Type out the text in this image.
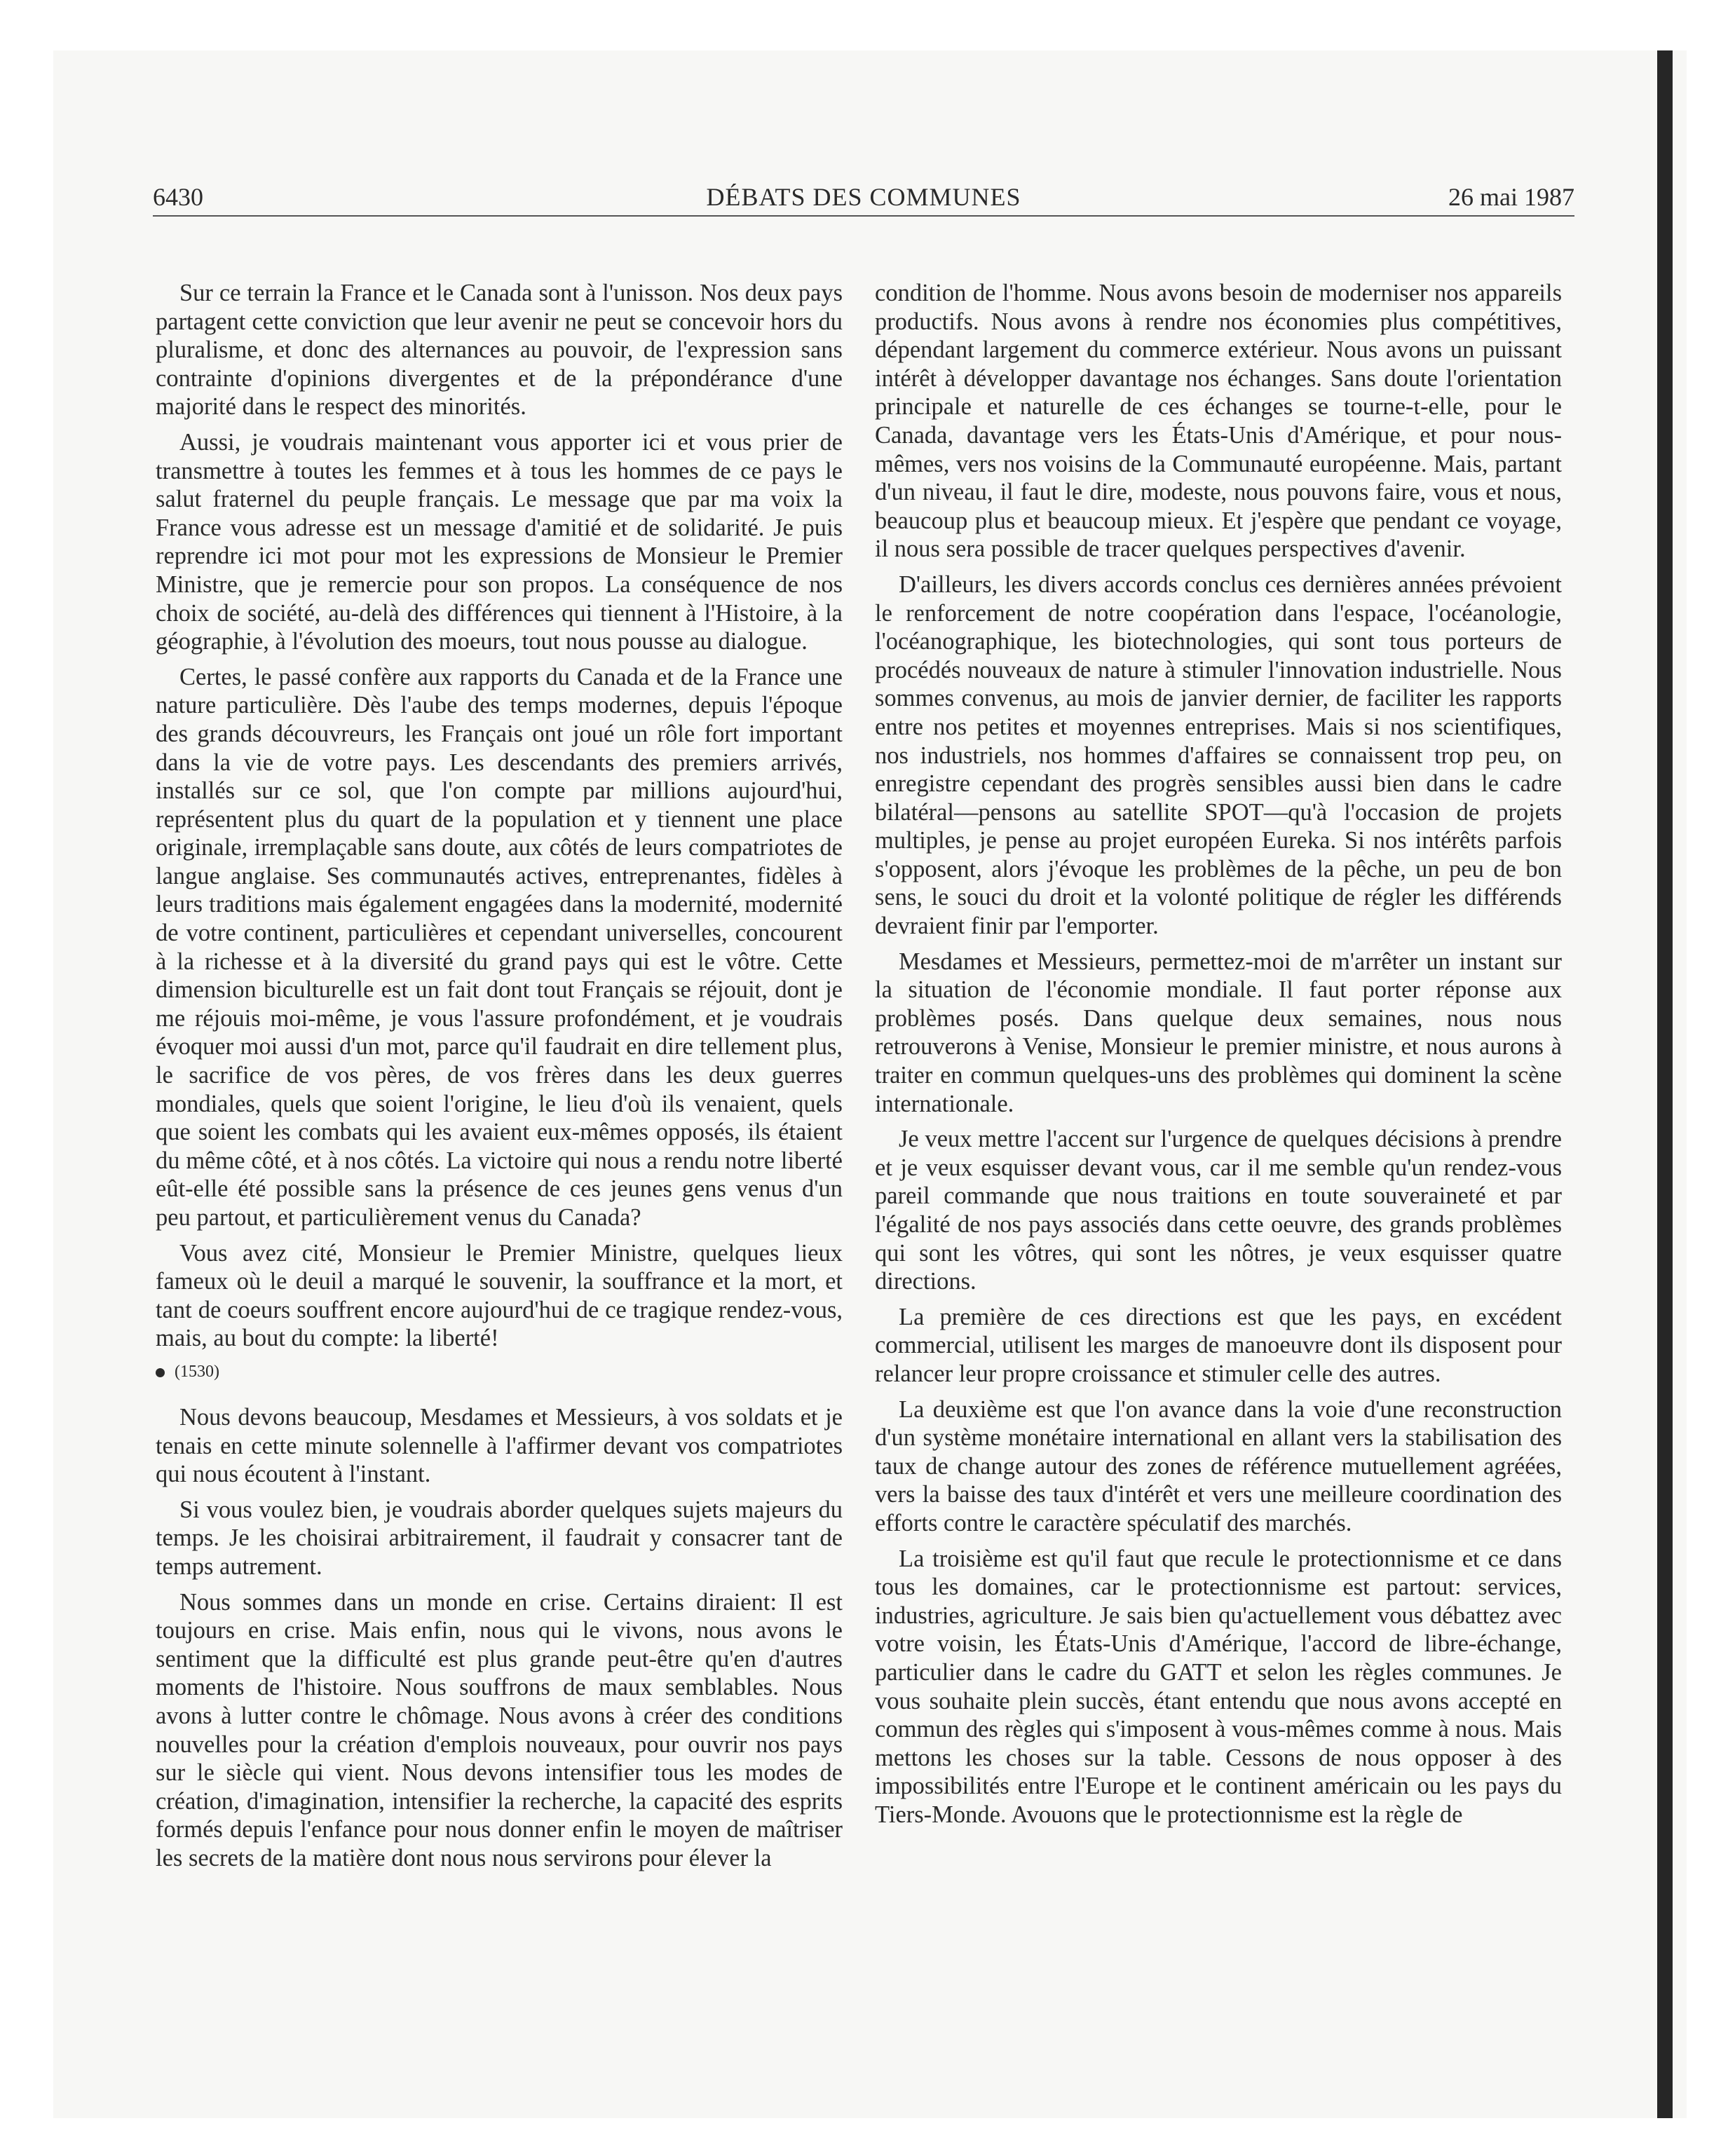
6430	DÉBATS DES COMMUNES	26 mai 1987

Sur ce terrain la France et le Canada sont à l'unisson. Nos deux pays partagent cette conviction que leur avenir ne peut se concevoir hors du pluralisme, et donc des alternances au pouvoir, de l'expression sans contrainte d'opinions divergentes et de la prépondérance d'une majorité dans le respect des minorités.

Aussi, je voudrais maintenant vous apporter ici et vous prier de transmettre à toutes les femmes et à tous les hommes de ce pays le salut fraternel du peuple français. Le message que par ma voix la France vous adresse est un message d'amitié et de solidarité. Je puis reprendre ici mot pour mot les expressions de Monsieur le Premier Ministre, que je remercie pour son propos. La conséquence de nos choix de société, au-delà des différences qui tiennent à l'Histoire, à la géographie, à l'évolution des moeurs, tout nous pousse au dialogue.

Certes, le passé confère aux rapports du Canada et de la France une nature particulière. Dès l'aube des temps modernes, depuis l'époque des grands découvreurs, les Français ont joué un rôle fort important dans la vie de votre pays. Les descendants des premiers arrivés, installés sur ce sol, que l'on compte par millions aujourd'hui, représentent plus du quart de la population et y tiennent une place originale, irremplaçable sans doute, aux côtés de leurs compatriotes de langue anglaise. Ses communautés actives, entreprenantes, fidèles à leurs traditions mais également engagées dans la modernité, modernité de votre continent, particulières et cependant universelles, concourent à la richesse et à la diversité du grand pays qui est le vôtre. Cette dimension biculturelle est un fait dont tout Français se réjouit, dont je me réjouis moi-même, je vous l'assure profondément, et je voudrais évoquer moi aussi d'un mot, parce qu'il faudrait en dire tellement plus, le sacrifice de vos pères, de vos frères dans les deux guerres mondiales, quels que soient l'origine, le lieu d'où ils venaient, quels que soient les combats qui les avaient eux-mêmes opposés, ils étaient du même côté, et à nos côtés. La victoire qui nous a rendu notre liberté eût-elle été possible sans la présence de ces jeunes gens venus d'un peu partout, et particulièrement venus du Canada?

Vous avez cité, Monsieur le Premier Ministre, quelques lieux fameux où le deuil a marqué le souvenir, la souffrance et la mort, et tant de coeurs souffrent encore aujourd'hui de ce tragique rendez-vous, mais, au bout du compte: la liberté!

(1530)

Nous devons beaucoup, Mesdames et Messieurs, à vos soldats et je tenais en cette minute solennelle à l'affirmer devant vos compatriotes qui nous écoutent à l'instant.

Si vous voulez bien, je voudrais aborder quelques sujets majeurs du temps. Je les choisirai arbitrairement, il faudrait y consacrer tant de temps autrement.

Nous sommes dans un monde en crise. Certains diraient: Il est toujours en crise. Mais enfin, nous qui le vivons, nous avons le sentiment que la difficulté est plus grande peut-être qu'en d'autres moments de l'histoire. Nous souffrons de maux semblables. Nous avons à lutter contre le chômage. Nous avons à créer des conditions nouvelles pour la création d'emplois nouveaux, pour ouvrir nos pays sur le siècle qui vient. Nous devons intensifier tous les modes de création, d'imagination, intensifier la recherche, la capacité des esprits formés depuis l'enfance pour nous donner enfin le moyen de maîtriser les secrets de la matière dont nous nous servirons pour élever la

condition de l'homme. Nous avons besoin de moderniser nos appareils productifs. Nous avons à rendre nos économies plus compétitives, dépendant largement du commerce extérieur. Nous avons un puissant intérêt à développer davantage nos échanges. Sans doute l'orientation principale et naturelle de ces échanges se tourne-t-elle, pour le Canada, davantage vers les États-Unis d'Amérique, et pour nous-mêmes, vers nos voisins de la Communauté européenne. Mais, partant d'un niveau, il faut le dire, modeste, nous pouvons faire, vous et nous, beaucoup plus et beaucoup mieux. Et j'espère que pendant ce voyage, il nous sera possible de tracer quelques perspectives d'avenir.

D'ailleurs, les divers accords conclus ces dernières années prévoient le renforcement de notre coopération dans l'espace, l'océanologie, l'océanographique, les biotechnologies, qui sont tous porteurs de procédés nouveaux de nature à stimuler l'innovation industrielle. Nous sommes convenus, au mois de janvier dernier, de faciliter les rapports entre nos petites et moyennes entreprises. Mais si nos scientifiques, nos industriels, nos hommes d'affaires se connaissent trop peu, on enregistre cependant des progrès sensibles aussi bien dans le cadre bilatéral—pensons au satellite SPOT—qu'à l'occasion de projets multiples, je pense au projet européen Eureka. Si nos intérêts parfois s'opposent, alors j'évoque les problèmes de la pêche, un peu de bon sens, le souci du droit et la volonté politique de régler les différends devraient finir par l'emporter.

Mesdames et Messieurs, permettez-moi de m'arrêter un instant sur la situation de l'économie mondiale. Il faut porter réponse aux problèmes posés. Dans quelque deux semaines, nous nous retrouverons à Venise, Monsieur le premier ministre, et nous aurons à traiter en commun quelques-uns des problèmes qui dominent la scène internationale.

Je veux mettre l'accent sur l'urgence de quelques décisions à prendre et je veux esquisser devant vous, car il me semble qu'un rendez-vous pareil commande que nous traitions en toute souveraineté et par l'égalité de nos pays associés dans cette oeuvre, des grands problèmes qui sont les vôtres, qui sont les nôtres, je veux esquisser quatre directions.

La première de ces directions est que les pays, en excédent commercial, utilisent les marges de manoeuvre dont ils disposent pour relancer leur propre croissance et stimuler celle des autres.

La deuxième est que l'on avance dans la voie d'une reconstruction d'un système monétaire international en allant vers la stabilisation des taux de change autour des zones de référence mutuellement agréées, vers la baisse des taux d'intérêt et vers une meilleure coordination des efforts contre le caractère spéculatif des marchés.

La troisième est qu'il faut que recule le protectionnisme et ce dans tous les domaines, car le protectionnisme est partout: services, industries, agriculture. Je sais bien qu'actuellement vous débattez avec votre voisin, les États-Unis d'Amérique, l'accord de libre-échange, particulier dans le cadre du GATT et selon les règles communes. Je vous souhaite plein succès, étant entendu que nous avons accepté en commun des règles qui s'imposent à vous-mêmes comme à nous. Mais mettons les choses sur la table. Cessons de nous opposer à des impossibilités entre l'Europe et le continent américain ou les pays du Tiers-Monde. Avouons que le protectionnisme est la règle de
